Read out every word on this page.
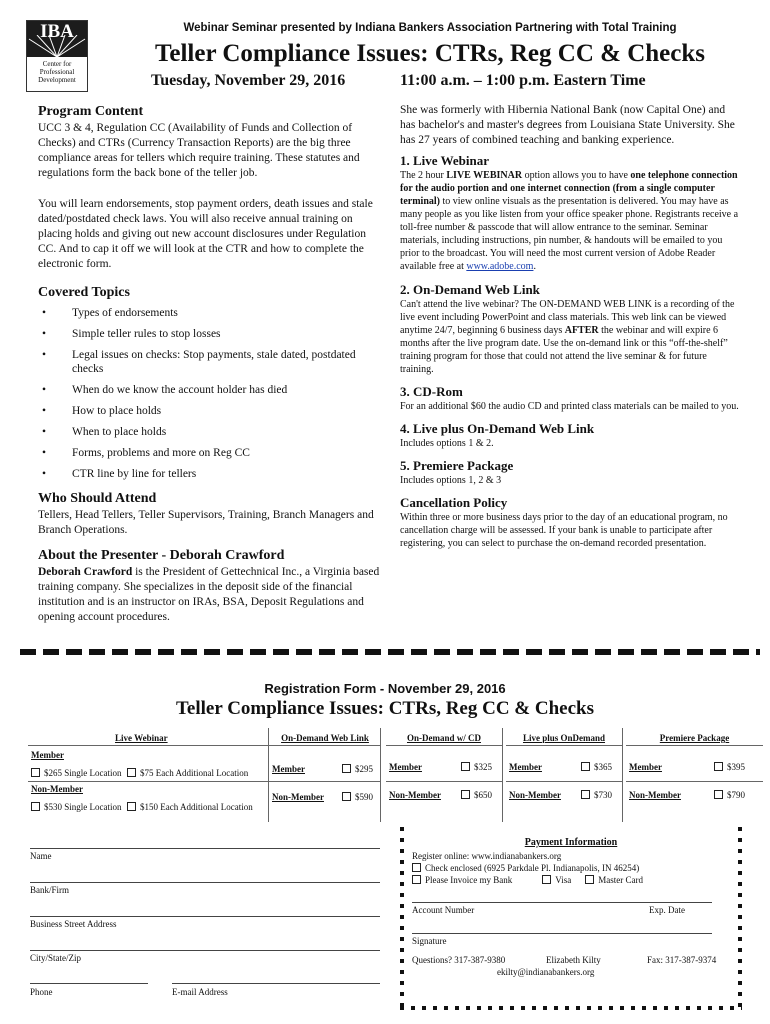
IBA
Center for Professional Development
Webinar Seminar presented by Indiana Bankers Association Partnering with Total Training
Teller Compliance Issues: CTRs, Reg CC & Checks
Tuesday, November 29, 2016	11:00 a.m. – 1:00 p.m. Eastern Time
Program Content

UCC 3 & 4, Regulation CC (Availability of Funds and Collection of Checks) and CTRs (Currency Transaction Reports) are the big three compliance areas for tellers which require training. These statutes and regulations form the back bone of the teller job.

You will learn endorsements, stop payment orders, death issues and stale dated/postdated check laws. You will also receive annual training on placing holds and giving out new account disclosures under Regulation CC. And to cap it off we will look at the CTR and how to complete the electronic form.

Covered Topics
• Types of endorsements
• Simple teller rules to stop losses
• Legal issues on checks: Stop payments, stale dated, postdated checks
• When do we know the account holder has died
• How to place holds
• When to place holds
• Forms, problems and more on Reg CC
• CTR line by line for tellers
Who Should Attend

Tellers, Head Tellers, Teller Supervisors, Training, Branch Managers and Branch Operations.

About the Presenter - Deborah Crawford

Deborah Crawford is the President of Gettechnical Inc., a Virginia based training company. She specializes in the deposit side of the financial institution and is an instructor on IRAs, BSA, Deposit Regulations and opening account procedures.

She was formerly with Hibernia National Bank (now Capital One) and has bachelor's and master's degrees from Louisiana State University. She has 27 years of combined teaching and banking experience.

1. Live Webinar

The 2 hour LIVE WEBINAR option allows you to have one telephone connection for the audio portion and one internet connection (from a single computer terminal) to view online visuals as the presentation is delivered. You may have as many people as you like listen from your office speaker phone. Registrants receive a toll-free number & passcode that will allow entrance to the seminar. Seminar materials, including instructions, pin number, & handouts will be emailed to you prior to the broadcast. You will need the most current version of Adobe Reader available free at www.adobe.com.

2. On-Demand Web Link

Can't attend the live webinar? The ON-DEMAND WEB LINK is a recording of the live event including PowerPoint and class materials. This web link can be viewed anytime 24/7, beginning 6 business days AFTER the webinar and will expire 6 months after the live program date. Use the on-demand link or this “off-the-shelf” training program for those that could not attend the live seminar & for future training.

3. CD-Rom

For an additional $60 the audio CD and printed class materials can be mailed to you.

4. Live plus On-Demand Web Link

Includes options 1 & 2.

5. Premiere Package

Includes options 1, 2 & 3

Cancellation Policy

Within three or more business days prior to the day of an educational program, no cancellation charge will be assessed. If your bank is unable to participate after registering, you can select to purchase the on-demand recorded presentation.

Registration Form - November 29, 2016
Teller Compliance Issues: CTRs, Reg CC & Checks
Live Webinar
Member
$265 Single Location	$75 Each Additional Location
Non-Member
$530 Single Location	$150 Each Additional Location
On-Demand Web Link
Member	$295
Non-Member	$590
On-Demand w/ CD
Member	$325
Non-Member	$650
Live plus OnDemand
Member	$365
Non-Member	$730
Premiere Package
Member	$395
Non-Member	$790
Name
Bank/Firm
Business Street Address
City/State/Zip
Phone	E-mail Address
Payment Information
Register online: www.indianabankers.org
Check enclosed (6925 Parkdale Pl. Indianapolis, IN 46254)
Please Invoice my Bank	Visa	Master Card
Account Number	Exp. Date
Signature
Questions? 317-387-9380	Elizabeth Kilty	Fax: 317-387-9374
ekilty@indianabankers.org
